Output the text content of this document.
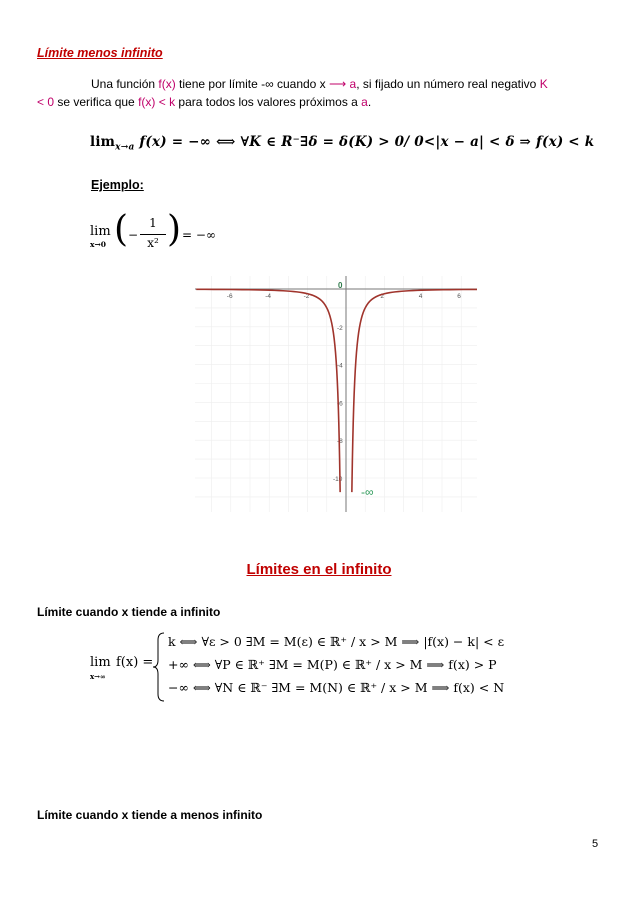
Límite menos infinito
Una función f(x) tiene por límite -∞ cuando x ⟶ a, si fijado un número real negativo K
< 0 se verifica que f(x) < k para todos los valores próximos a a.
$\lim_{x\to a} f(x)$ = −∞ ⟺ ∀K ∈ R⁻∃δ = δ(K) > 0/ 0<|x − a| < δ ⇒ f(x) < k
Ejemplo:
lim
x→0 ( −
1
x² ) = −∞
-6	-4	-2	2	4	6
-2
-4
-6
-8
-10
0
-∞
Límites en el infinito
Límite cuando x tiende a infinito
lim
x→∞
f(x) =
k ⟺ ∀ε > 0 ∃M = M(ε) ∈ ℝ⁺ / x > M ⟹ |f(x) − k| < ε
+∞ ⟺ ∀P ∈ ℝ⁺ ∃M = M(P) ∈ ℝ⁺ / x > M ⟹ f(x) > P
−∞ ⟺ ∀N ∈ ℝ⁻ ∃M = M(N) ∈ ℝ⁺ / x > M ⟹ f(x) < N
Límite cuando x tiende a menos infinito
5
